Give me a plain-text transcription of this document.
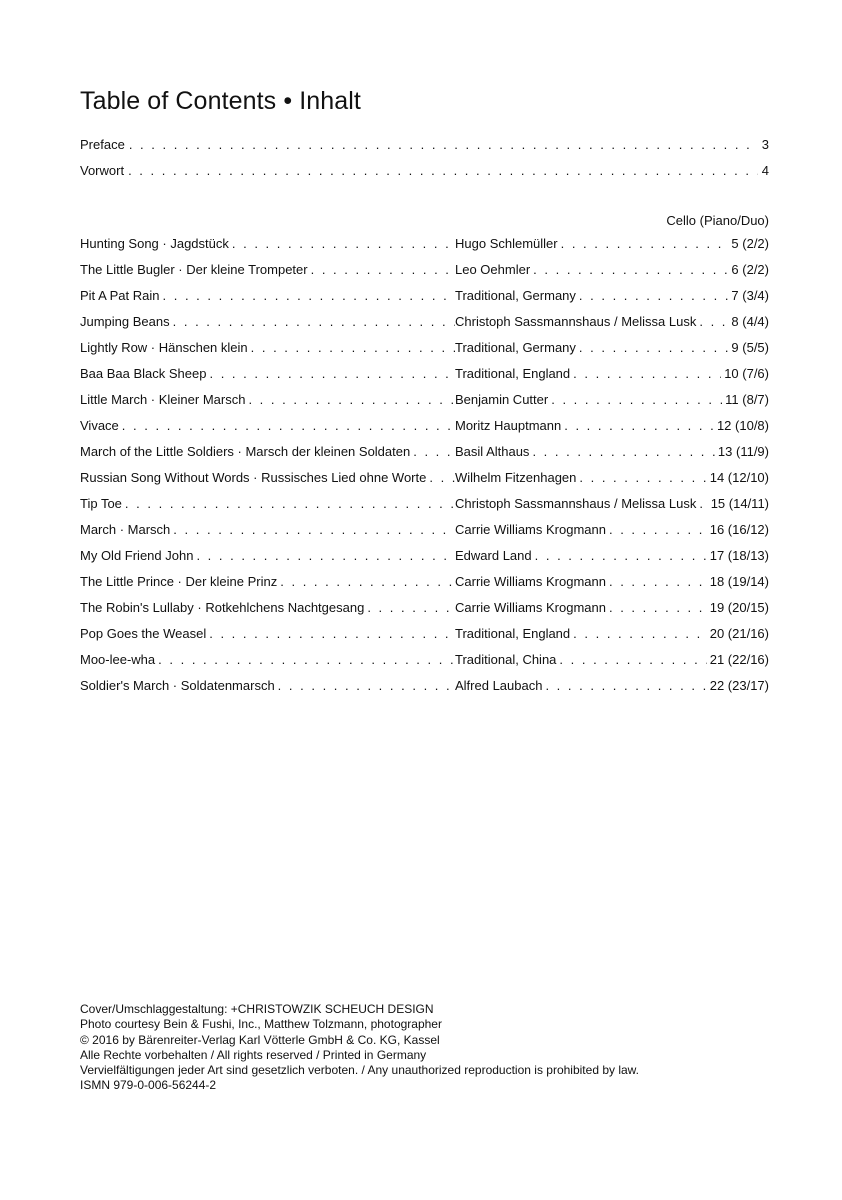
Table of Contents • Inhalt
Preface . . .	3
Vorwort . . .	4
Cello (Piano/Duo)
Hunting Song · Jagdstück . . .	Hugo Schlemüller . . .	5 (2/2)
The Little Bugler · Der kleine Trompeter . . .	Leo Oehmler . . .	6 (2/2)
Pit A Pat Rain . . .	Traditional, Germany . . .	7 (3/4)
Jumping Beans . . .	Christoph Sassmannshaus / Melissa Lusk . . .	8 (4/4)
Lightly Row · Hänschen klein . . .	Traditional, Germany . . .	9 (5/5)
Baa Baa Black Sheep . . .	Traditional, England . . .	10 (7/6)
Little March · Kleiner Marsch . . .	Benjamin Cutter . . .	11 (8/7)
Vivace . . .	Moritz Hauptmann . . .	12 (10/8)
March of the Little Soldiers · Marsch der kleinen Soldaten . . .	Basil Althaus . . .	13 (11/9)
Russian Song Without Words · Russisches Lied ohne Worte . . . Wilhelm Fitzenhagen . . .	14 (12/10)
Tip Toe . . .	Christoph Sassmannshaus / Melissa Lusk . . . 15 (14/11)
March · Marsch . . .	Carrie Williams Krogmann . . .	16 (16/12)
My Old Friend John . . .	Edward Land . . .	17 (18/13)
The Little Prince · Der kleine Prinz . . .	Carrie Williams Krogmann . . .	18 (19/14)
The Robin's Lullaby · Rotkehlchens Nachtgesang . . .	Carrie Williams Krogmann . . .	19 (20/15)
Pop Goes the Weasel . . .	Traditional, England . . .	20 (21/16)
Moo-lee-wha . . .	Traditional, China . . .	21 (22/16)
Soldier's March · Soldatenmarsch . . .	Alfred Laubach . . .	22 (23/17)
Cover/Umschlaggestaltung: +CHRISTOWZIK SCHEUCH DESIGN
Photo courtesy Bein & Fushi, Inc., Matthew Tolzmann, photographer
© 2016 by Bärenreiter-Verlag Karl Vötterle GmbH & Co. KG, Kassel
Alle Rechte vorbehalten / All rights reserved / Printed in Germany
Vervielfältigungen jeder Art sind gesetzlich verboten. / Any unauthorized reproduction is prohibited by law.
ISMN 979-0-006-56244-2
